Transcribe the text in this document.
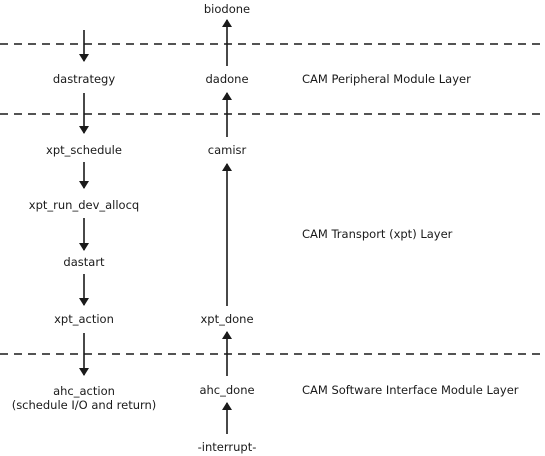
dastrategy
xpt_schedule
xpt_run_dev_allocq
dastart
xpt_action
ahc_action
(schedule I/O and return)
biodone
dadone
camisr
xpt_done
ahc_done
-interrupt-
CAM Peripheral Module Layer
CAM Transport (xpt) Layer
CAM Software Interface Module Layer
